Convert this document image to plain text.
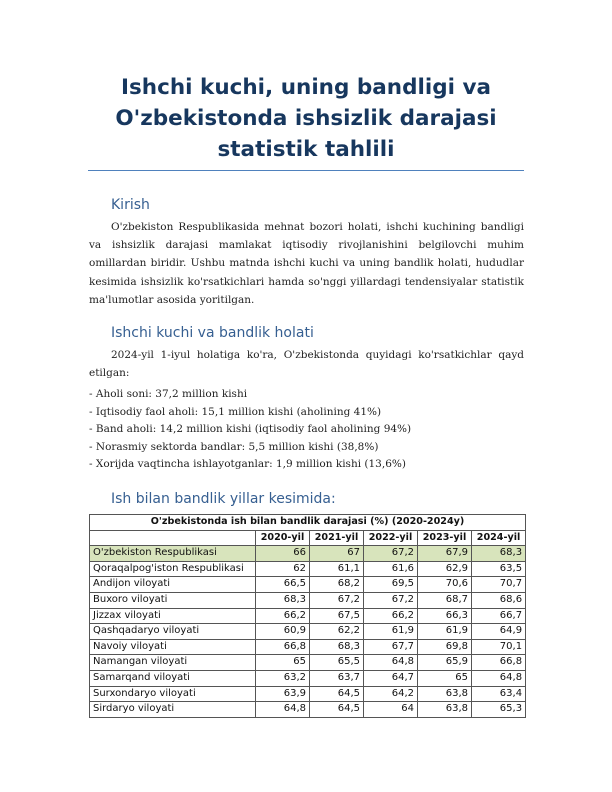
Ishchi kuchi, uning bandligi va O'zbekistonda ishsizlik darajasi statistik tahlili
Kirish

O'zbekiston Respublikasida mehnat bozori holati, ishchi kuchining bandligi va ishsizlik darajasi mamlakat iqtisodiy rivojlanishini belgilovchi muhim omillardan biridir. Ushbu matnda ishchi kuchi va uning bandlik holati, hududlar kesimida ishsizlik ko'rsatkichlari hamda so'nggi yillardagi tendensiyalar statistik ma'lumotlar asosida yoritilgan.

Ishchi kuchi va bandlik holati

2024-yil 1-iyul holatiga ko'ra, O'zbekistonda quyidagi ko'rsatkichlar qayd etilgan:

- Aholi soni: 37,2 million kishi
- Iqtisodiy faol aholi: 15,1 million kishi (aholining 41%)
- Band aholi: 14,2 million kishi (iqtisodiy faol aholining 94%)
- Norasmiy sektorda bandlar: 5,5 million kishi (38,8%)
- Xorijda vaqtincha ishlayotganlar: 1,9 million kishi (13,6%)
Ish bilan bandlik yillar kesimida:
O'zbekistonda ish bilan bandlik darajasi (%) (2020-2024y)					
	2020-yil	2021-yil	2022-yil	2023-yil	2024-yil
O'zbekiston Respublikasi	66	67	67,2	67,9	68,3
Qoraqalpog'iston Respublikasi	62	61,1	61,6	62,9	63,5
Andijon viloyati	66,5	68,2	69,5	70,6	70,7
Buxoro viloyati	68,3	67,2	67,2	68,7	68,6
Jizzax viloyati	66,2	67,5	66,2	66,3	66,7
Qashqadaryo viloyati	60,9	62,2	61,9	61,9	64,9
Navoiy viloyati	66,8	68,3	67,7	69,8	70,1
Namangan viloyati	65	65,5	64,8	65,9	66,8
Samarqand viloyati	63,2	63,7	64,7	65	64,8
Surxondaryo viloyati	63,9	64,5	64,2	63,8	63,4
Sirdaryo viloyati	64,8	64,5	64	63,8	65,3
